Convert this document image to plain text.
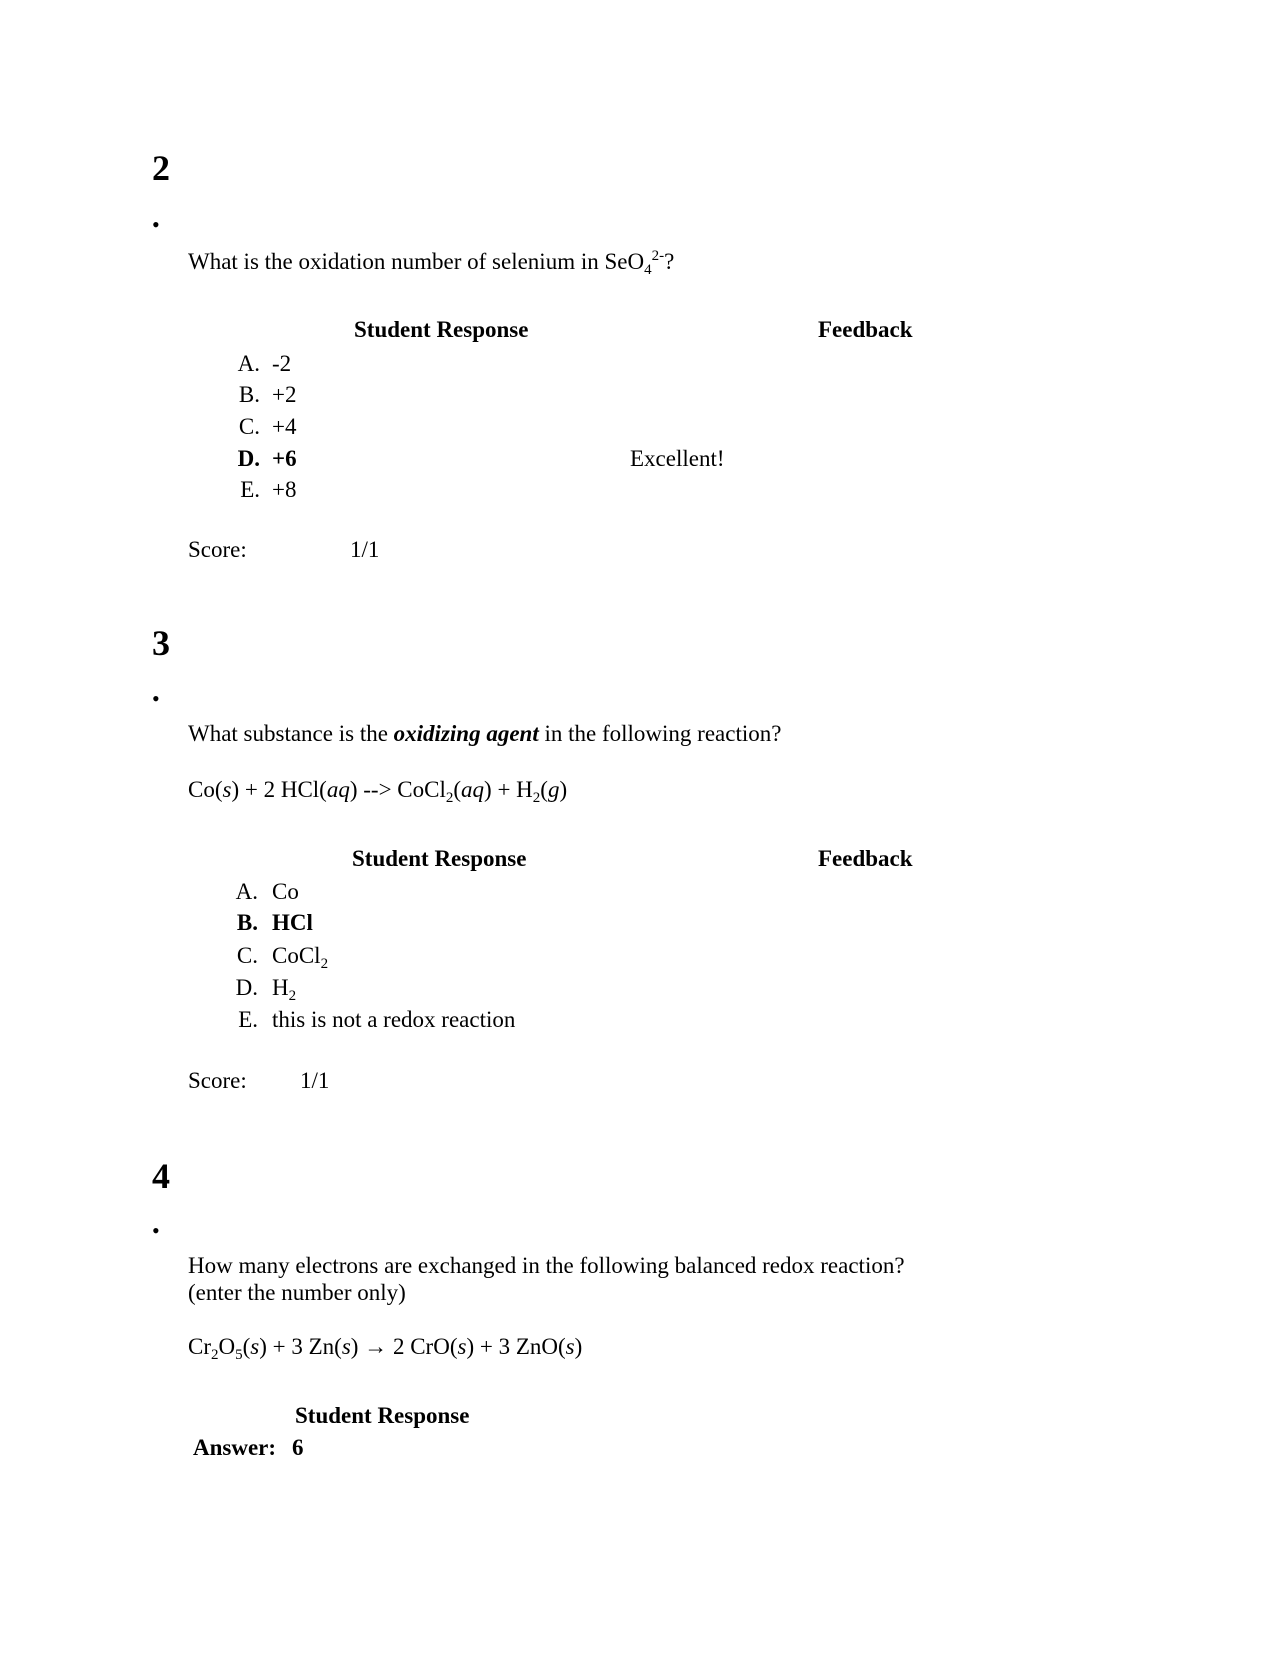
2
•
What is the oxidation number of selenium in SeO$_4^{2-}$?
Student Response	Feedback
A. -2
B. +2
C. +4
D. +6	Excellent!
E. +8
Score:	1/1
3
•
What substance is the oxidizing agent in the following reaction?
Co(s) + 2 HCl(aq) --> CoCl$_2$(aq) + $H_2(g)$
Student Response	Feedback
A. Co
B. HCl
C. CoCl$_2$
D. $H_2$
E. this is not a redox reaction
Score: 1/1
4
•
How many electrons are exchanged in the following balanced redox reaction?
(enter the number only)
$Cr_2O_5(s) + 3$ Zn(s) → 2 CrO(s) + 3 ZnO(s)
Student Response
Answer: 6
